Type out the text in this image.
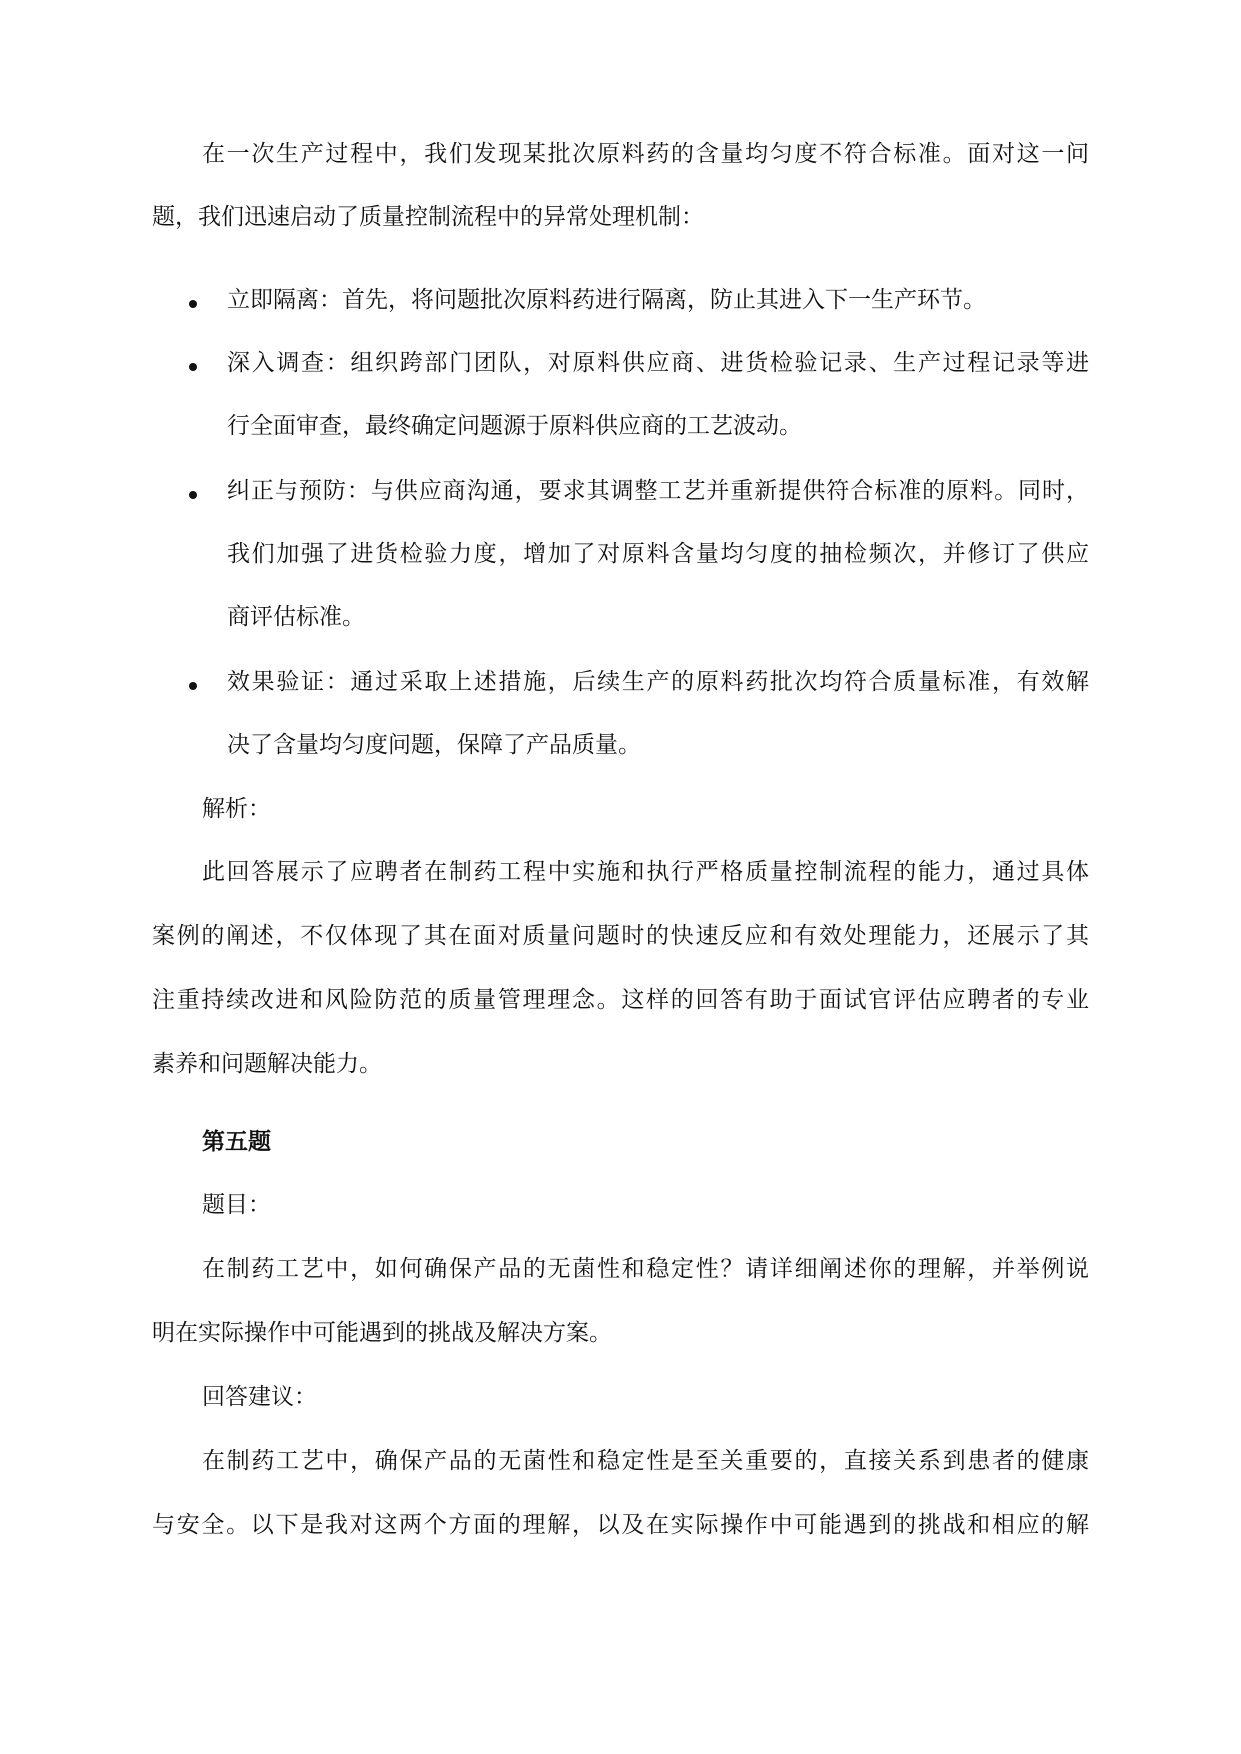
在一次生产过程中，我们发现某批次原料药的含量均匀度不符合标准。面对这一问
题，我们迅速启动了质量控制流程中的异常处理机制：
立即隔离：首先，将问题批次原料药进行隔离，防止其进入下一生产环节。
深入调查：组织跨部门团队，对原料供应商、进货检验记录、生产过程记录等进
行全面审查，最终确定问题源于原料供应商的工艺波动。
纠正与预防：与供应商沟通，要求其调整工艺并重新提供符合标准的原料。同时，
我们加强了进货检验力度，增加了对原料含量均匀度的抽检频次，并修订了供应
商评估标准。
效果验证：通过采取上述措施，后续生产的原料药批次均符合质量标准，有效解
决了含量均匀度问题，保障了产品质量。
解析：
此回答展示了应聘者在制药工程中实施和执行严格质量控制流程的能力，通过具体
案例的阐述，不仅体现了其在面对质量问题时的快速反应和有效处理能力，还展示了其
注重持续改进和风险防范的质量管理理念。这样的回答有助于面试官评估应聘者的专业
素养和问题解决能力。
第五题
题目：
在制药工艺中，如何确保产品的无菌性和稳定性？请详细阐述你的理解，并举例说
明在实际操作中可能遇到的挑战及解决方案。
回答建议：
在制药工艺中，确保产品的无菌性和稳定性是至关重要的，直接关系到患者的健康
与安全。以下是我对这两个方面的理解，以及在实际操作中可能遇到的挑战和相应的解
